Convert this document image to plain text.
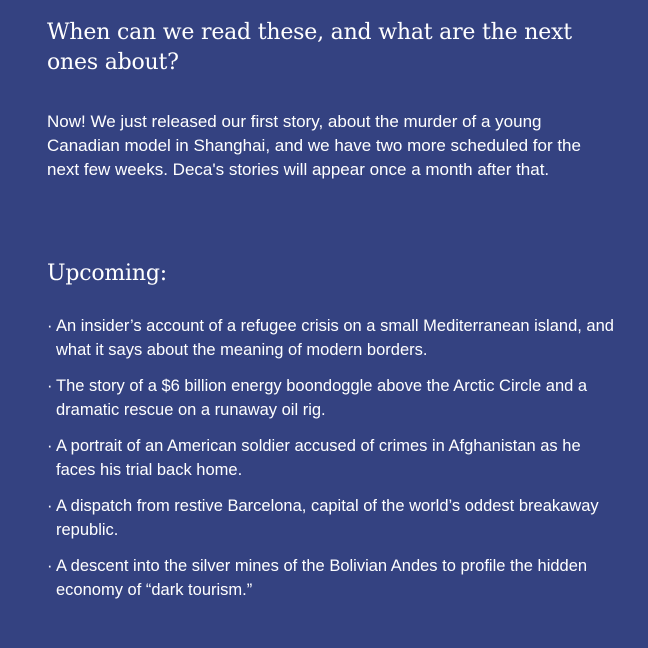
When can we read these, and what are the next ones about?

Now! We just released our first story, about the murder of a young Canadian model in Shanghai, and we have two more scheduled for the next few weeks. Deca's stories will appear once a month after that.

Upcoming:
· An insider’s account of a refugee crisis on a small Mediterranean island, and what it says about the meaning of modern borders.
· The story of a $6 billion energy boondoggle above the Arctic Circle and a dramatic rescue on a runaway oil rig.
· A portrait of an American soldier accused of crimes in Afghanistan as he faces his trial back home.
· A dispatch from restive Barcelona, capital of the world’s oddest breakaway republic.
· A descent into the silver mines of the Bolivian Andes to profile the hidden economy of “dark tourism.”
